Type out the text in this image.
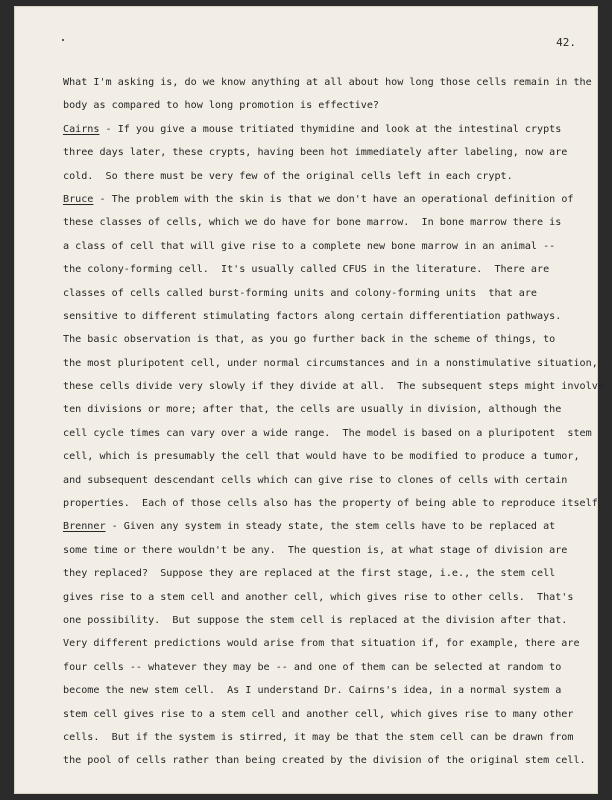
42.

What I'm asking is, do we know anything at all about how long those cells remain in the
body as compared to how long promotion is effective?
Cairns - If you give a mouse tritiated thymidine and look at the intestinal crypts
three days later, these crypts, having been hot immediately after labeling, now are
cold.  So there must be very few of the original cells left in each crypt.
Bruce - The problem with the skin is that we don't have an operational definition of
these classes of cells, which we do have for bone marrow.  In bone marrow there is
a class of cell that will give rise to a complete new bone marrow in an animal --
the colony-forming cell.  It's usually called CFUS in the literature.  There are
classes of cells called burst-forming units and colony-forming units  that are
sensitive to different stimulating factors along certain differentiation pathways.
The basic observation is that, as you go further back in the scheme of things, to
the most pluripotent cell, under normal circumstances and in a nonstimulative situation,
these cells divide very slowly if they divide at all.  The subsequent steps might involve
ten divisions or more; after that, the cells are usually in division, although the
cell cycle times can vary over a wide range.  The model is based on a pluripotent  stem
cell, which is presumably the cell that would have to be modified to produce a tumor,
and subsequent descendant cells which can give rise to clones of cells with certain
properties.  Each of those cells also has the property of being able to reproduce itself.
Brenner - Given any system in steady state, the stem cells have to be replaced at
some time or there wouldn't be any.  The question is, at what stage of division are
they replaced?  Suppose they are replaced at the first stage, i.e., the stem cell
gives rise to a stem cell and another cell, which gives rise to other cells.  That's
one possibility.  But suppose the stem cell is replaced at the division after that.
Very different predictions would arise from that situation if, for example, there are
four cells -- whatever they may be -- and one of them can be selected at random to
become the new stem cell.  As I understand Dr. Cairns's idea, in a normal system a
stem cell gives rise to a stem cell and another cell, which gives rise to many other
cells.  But if the system is stirred, it may be that the stem cell can be drawn from
the pool of cells rather than being created by the division of the original stem cell.
